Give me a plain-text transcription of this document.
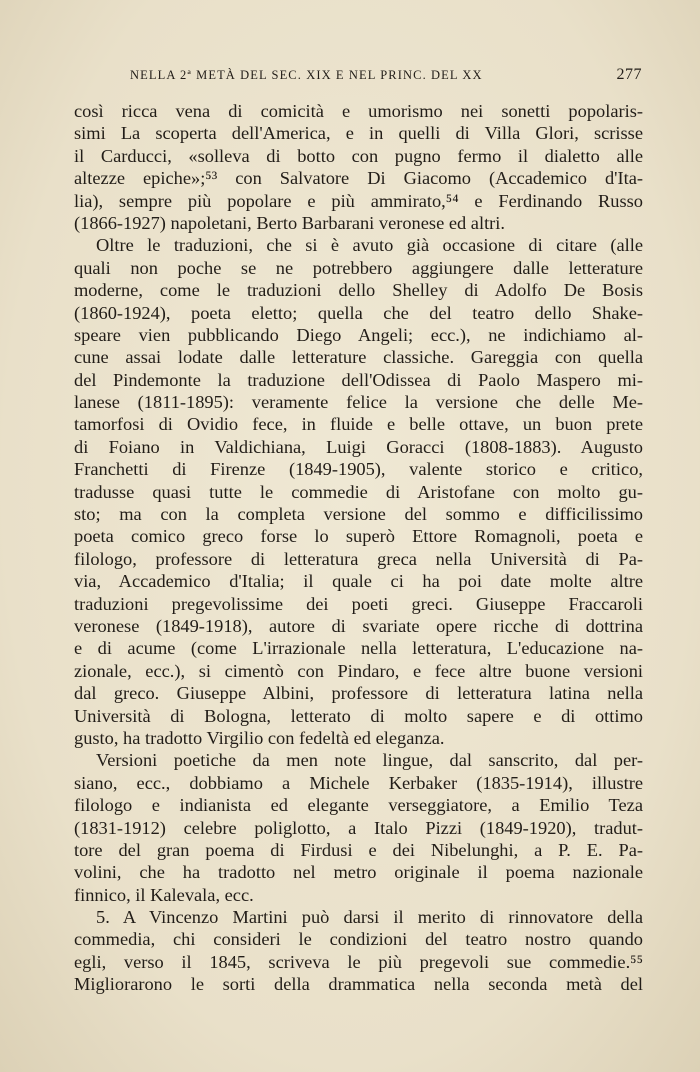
NELLA 2ª METÀ DEL SEC. XIX E NEL PRINC. DEL XX	277
così ricca vena di comicità e umorismo nei sonetti popolaris-
simi La scoperta dell'America, e in quelli di Villa Glori, scrisse
il Carducci, «solleva di botto con pugno fermo il dialetto alle
altezze epiche»;⁵³ con Salvatore Di Giacomo (Accademico d'Ita-
lia), sempre più popolare e più ammirato,⁵⁴ e Ferdinando Russo
(1866-1927) napoletani, Berto Barbarani veronese ed altri.
Oltre le traduzioni, che si è avuto già occasione di citare (alle
quali non poche se ne potrebbero aggiungere dalle letterature
moderne, come le traduzioni dello Shelley di Adolfo De Bosis
(1860-1924), poeta eletto; quella che del teatro dello Shake-
speare vien pubblicando Diego Angeli; ecc.), ne indichiamo al-
cune assai lodate dalle letterature classiche. Gareggia con quella
del Pindemonte la traduzione dell'Odissea di Paolo Maspero mi-
lanese (1811-1895): veramente felice la versione che delle Me-
tamorfosi di Ovidio fece, in fluide e belle ottave, un buon prete
di Foiano in Valdichiana, Luigi Goracci (1808-1883). Augusto
Franchetti di Firenze (1849-1905), valente storico e critico,
tradusse quasi tutte le commedie di Aristofane con molto gu-
sto; ma con la completa versione del sommo e difficilissimo
poeta comico greco forse lo superò Ettore Romagnoli, poeta e
filologo, professore di letteratura greca nella Università di Pa-
via, Accademico d'Italia; il quale ci ha poi date molte altre
traduzioni pregevolissime dei poeti greci. Giuseppe Fraccaroli
veronese (1849-1918), autore di svariate opere ricche di dottrina
e di acume (come L'irrazionale nella letteratura, L'educazione na-
zionale, ecc.), si cimentò con Pindaro, e fece altre buone versioni
dal greco. Giuseppe Albini, professore di letteratura latina nella
Università di Bologna, letterato di molto sapere e di ottimo
gusto, ha tradotto Virgilio con fedeltà ed eleganza.
Versioni poetiche da men note lingue, dal sanscrito, dal per-
siano, ecc., dobbiamo a Michele Kerbaker (1835-1914), illustre
filologo e indianista ed elegante verseggiatore, a Emilio Teza
(1831-1912) celebre poliglotto, a Italo Pizzi (1849-1920), tradut-
tore del gran poema di Firdusi e dei Nibelunghi, a P. E. Pa-
volini, che ha tradotto nel metro originale il poema nazionale
finnico, il Kalevala, ecc.
5. A Vincenzo Martini può darsi il merito di rinnovatore della
commedia, chi consideri le condizioni del teatro nostro quando
egli, verso il 1845, scriveva le più pregevoli sue commedie.⁵⁵
Migliorarono le sorti della drammatica nella seconda metà del
